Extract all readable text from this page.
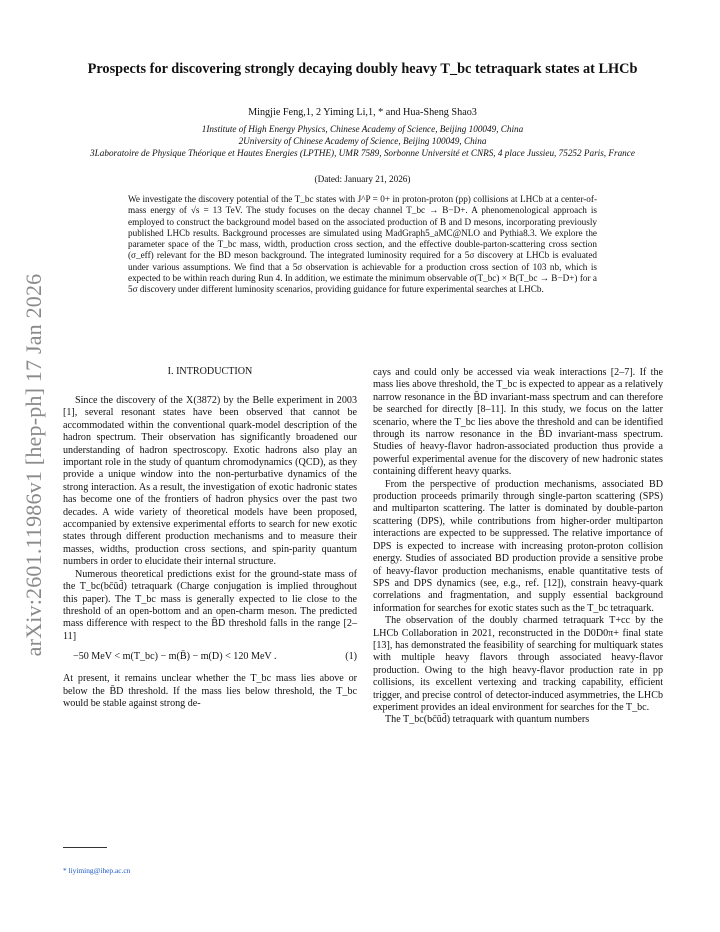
arXiv:2601.11986v1 [hep-ph] 17 Jan 2026
Prospects for discovering strongly decaying doubly heavy T_bc tetraquark states at LHCb
Mingjie Feng,1, 2 Yiming Li,1, * and Hua-Sheng Shao3
1Institute of High Energy Physics, Chinese Academy of Science, Beijing 100049, China
2University of Chinese Academy of Science, Beijing 100049, China
3Laboratoire de Physique Théorique et Hautes Energies (LPTHE), UMR 7589, Sorbonne Université et CNRS, 4 place Jussieu, 75252 Paris, France
(Dated: January 21, 2026)
We investigate the discovery potential of the T_bc states with J^P = 0+ in proton-proton (pp) collisions at LHCb at a center-of-mass energy of √s = 13 TeV. The study focuses on the decay channel T_bc → B−D+. A phenomenological approach is employed to construct the background model based on the associated production of B and D mesons, incorporating previously published LHCb results. Background processes are simulated using MadGraph5_aMC@NLO and Pythia8.3. We explore the parameter space of the T_bc mass, width, production cross section, and the effective double-parton-scattering cross section (σ_eff) relevant for the BD meson background. The integrated luminosity required for a 5σ discovery at LHCb is evaluated under various assumptions. We find that a 5σ observation is achievable for a production cross section of 103 nb, which is expected to be within reach during Run 4. In addition, we estimate the minimum observable σ(T_bc) × B(T_bc → B−D+) for a 5σ discovery under different luminosity scenarios, providing guidance for future experimental searches at LHCb.
I. INTRODUCTION

Since the discovery of the X(3872) by the Belle experiment in 2003 [1], several resonant states have been observed that cannot be accommodated within the conventional quark-model description of the hadron spectrum. Their observation has significantly broadened our understanding of hadron spectroscopy. Exotic hadrons also play an important role in the study of quantum chromodynamics (QCD), as they provide a unique window into the non-perturbative dynamics of the strong interaction. As a result, the investigation of exotic hadronic states has become one of the frontiers of hadron physics over the past two decades. A wide variety of theoretical models have been proposed, accompanied by extensive experimental efforts to search for new exotic states through different production mechanisms and to measure their masses, widths, production cross sections, and spin-parity quantum numbers in order to elucidate their internal structure.

Numerous theoretical predictions exist for the ground-state mass of the T_bc(bc̄ūd̄) tetraquark (Charge conjugation is implied throughout this paper). The T_bc mass is generally expected to lie close to the threshold of an open-bottom and an open-charm meson. The predicted mass difference with respect to the B̄D threshold falls in the range [2–11]

−50 MeV < m(T_bc) − m(B̄) − m(D) < 120 MeV .	(1)

At present, it remains unclear whether the T_bc mass lies above or below the B̄D threshold. If the mass lies below threshold, the T_bc would be stable against strong de-

cays and could only be accessed via weak interactions [2–7]. If the mass lies above threshold, the T_bc is expected to appear as a relatively narrow resonance in the B̄D invariant-mass spectrum and can therefore be searched for directly [8–11]. In this study, we focus on the latter scenario, where the T_bc lies above the threshold and can be identified through its narrow resonance in the B̄D invariant-mass spectrum. Studies of heavy-flavor hadron-associated production thus provide a powerful experimental avenue for the discovery of new hadronic states containing different heavy quarks.

From the perspective of production mechanisms, associated BD production proceeds primarily through single-parton scattering (SPS) and multiparton scattering. The latter is dominated by double-parton scattering (DPS), while contributions from higher-order multiparton interactions are expected to be suppressed. The relative importance of DPS is expected to increase with increasing proton-proton collision energy. Studies of associated BD production provide a sensitive probe of heavy-flavor production mechanisms, enable quantitative tests of SPS and DPS dynamics (see, e.g., ref. [12]), constrain heavy-quark correlations and fragmentation, and supply essential background information for searches for exotic states such as the T_bc tetraquark.

The observation of the doubly charmed tetraquark T+cc by the LHCb Collaboration in 2021, reconstructed in the D0D0π+ final state [13], has demonstrated the feasibility of searching for multiquark states with multiple heavy flavors through associated heavy-flavor production. Owing to the high heavy-flavor production rate in pp collisions, its excellent vertexing and tracking capability, efficient trigger, and precise control of detector-induced asymmetries, the LHCb experiment provides an ideal environment for searches for the T_bc.

The T_bc(bc̄ūd̄) tetraquark with quantum numbers

* liyiming@ihep.ac.cn
